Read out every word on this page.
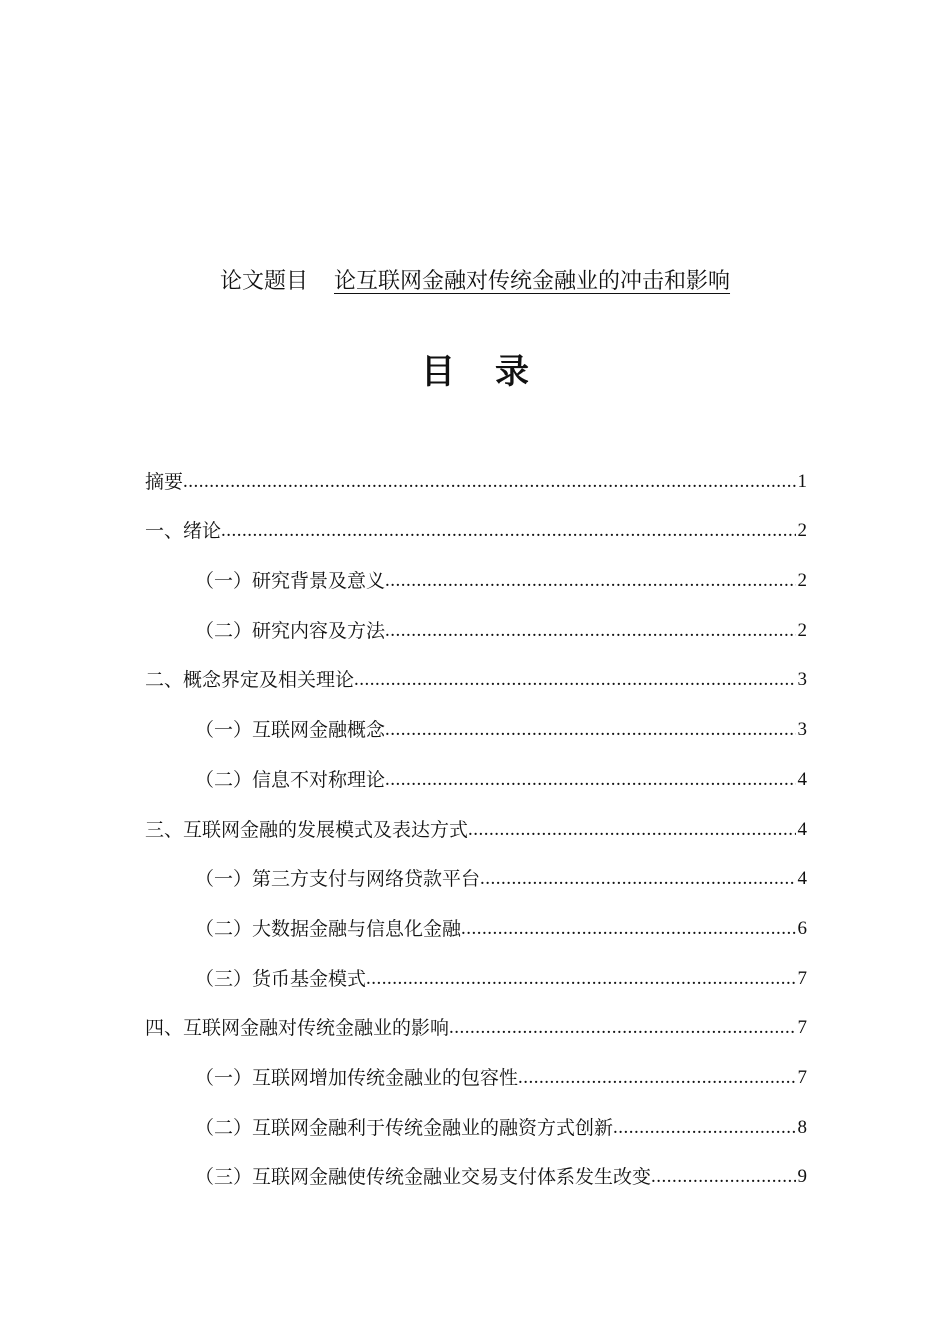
论文题目 论互联网金融对传统金融业的冲击和影响
目 录
摘要 .....	1
一、绪论 .....	2
（一）研究背景及意义 .....	2
（二）研究内容及方法 .....	2
二、概念界定及相关理论 .....	3
（一）互联网金融概念 .....	3
（二）信息不对称理论 .....	4
三、互联网金融的发展模式及表达方式 .....	4
（一）第三方支付与网络贷款平台 .....	4
（二）大数据金融与信息化金融 .....	6
（三）货币基金模式 .....	7
四、互联网金融对传统金融业的影响 .....	7
（一）互联网增加传统金融业的包容性 .....	7
（二）互联网金融利于传统金融业的融资方式创新 .....	8
（三）互联网金融使传统金融业交易支付体系发生改变 .....	9
